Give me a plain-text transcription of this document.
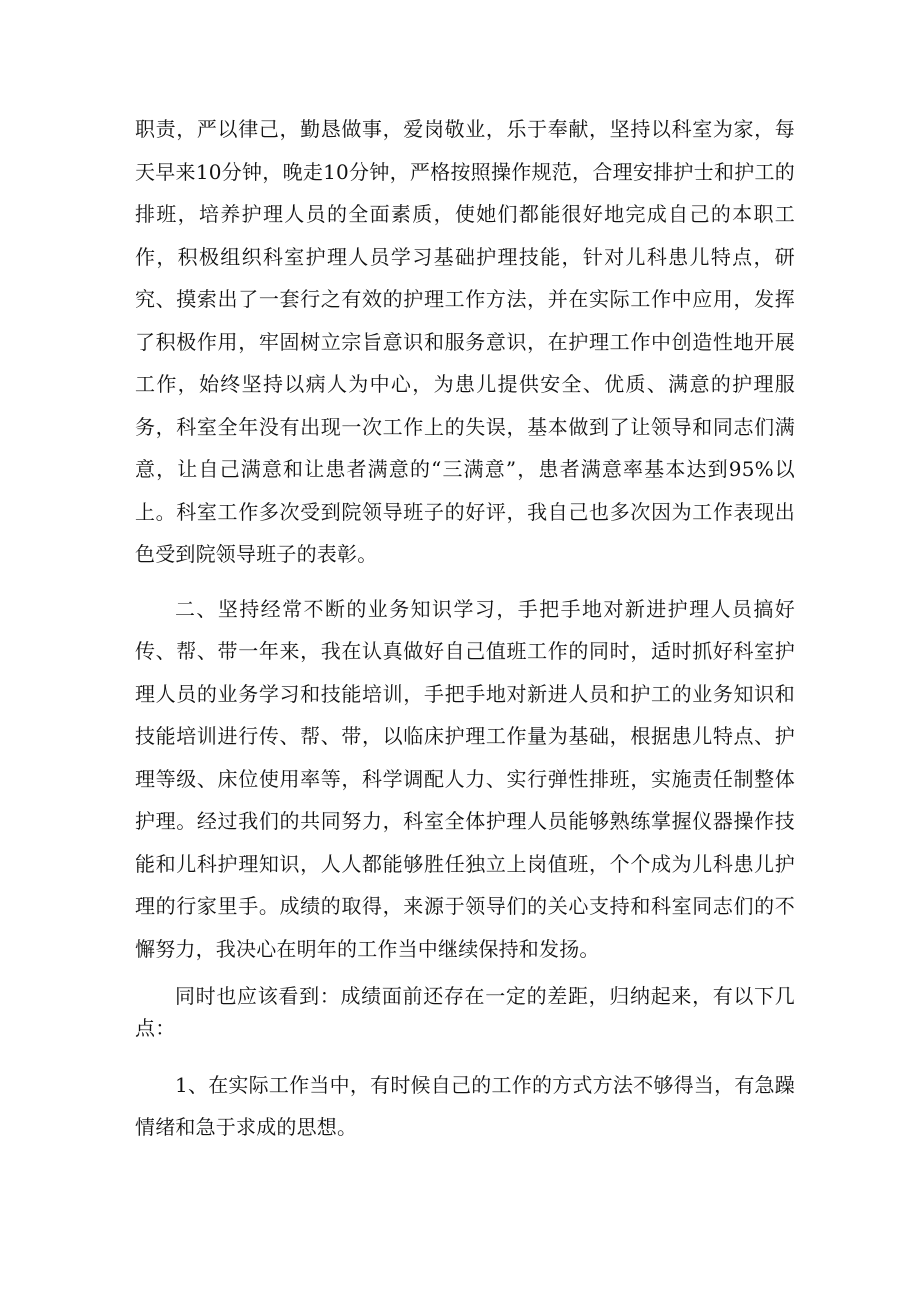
职责，严以律己，勤恳做事，爱岗敬业，乐于奉献，坚持以科室为家，每天早来10分钟，晚走10分钟，严格按照操作规范，合理安排护士和护工的排班，培养护理人员的全面素质，使她们都能很好地完成自己的本职工作，积极组织科室护理人员学习基础护理技能，针对儿科患儿特点，研究、摸索出了一套行之有效的护理工作方法，并在实际工作中应用，发挥了积极作用，牢固树立宗旨意识和服务意识，在护理工作中创造性地开展工作，始终坚持以病人为中心，为患儿提供安全、优质、满意的护理服务，科室全年没有出现一次工作上的失误，基本做到了让领导和同志们满意，让自己满意和让患者满意的“三满意”，患者满意率基本达到95%以上。科室工作多次受到院领导班子的好评，我自己也多次因为工作表现出色受到院领导班子的表彰。

二、坚持经常不断的业务知识学习，手把手地对新进护理人员搞好传、帮、带一年来，我在认真做好自己值班工作的同时，适时抓好科室护理人员的业务学习和技能培训，手把手地对新进人员和护工的业务知识和技能培训进行传、帮、带，以临床护理工作量为基础，根据患儿特点、护理等级、床位使用率等，科学调配人力、实行弹性排班，实施责任制整体护理。经过我们的共同努力，科室全体护理人员能够熟练掌握仪器操作技能和儿科护理知识，人人都能够胜任独立上岗值班，个个成为儿科患儿护理的行家里手。成绩的取得，来源于领导们的关心支持和科室同志们的不懈努力，我决心在明年的工作当中继续保持和发扬。

同时也应该看到：成绩面前还存在一定的差距，归纳起来，有以下几点：

1、在实际工作当中，有时候自己的工作的方式方法不够得当，有急躁情绪和急于求成的思想。
